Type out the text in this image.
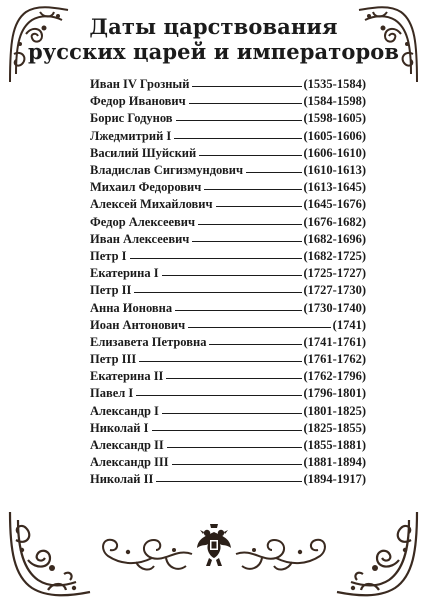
Даты царствования
русских царей и императоров
Иван IV Грозный	(1535-1584)
Федор Иванович	(1584-1598)
Борис Годунов	(1598-1605)
Лжедмитрий I	(1605-1606)
Василий Шуйский	(1606-1610)
Владислав Сигизмундович	(1610-1613)
Михаил Федорович	(1613-1645)
Алексей Михайлович	(1645-1676)
Федор Алексеевич	(1676-1682)
Иван Алексеевич	(1682-1696)
Петр I	(1682-1725)
Екатерина I	(1725-1727)
Петр II	(1727-1730)
Анна Ионовна	(1730-1740)
Иоан Антонович	(1741)
Елизавета Петровна	(1741-1761)
Петр III	(1761-1762)
Екатерина II	(1762-1796)
Павел I	(1796-1801)
Александр I	(1801-1825)
Николай I	(1825-1855)
Александр II	(1855-1881)
Александр III	(1881-1894)
Николай II	(1894-1917)
